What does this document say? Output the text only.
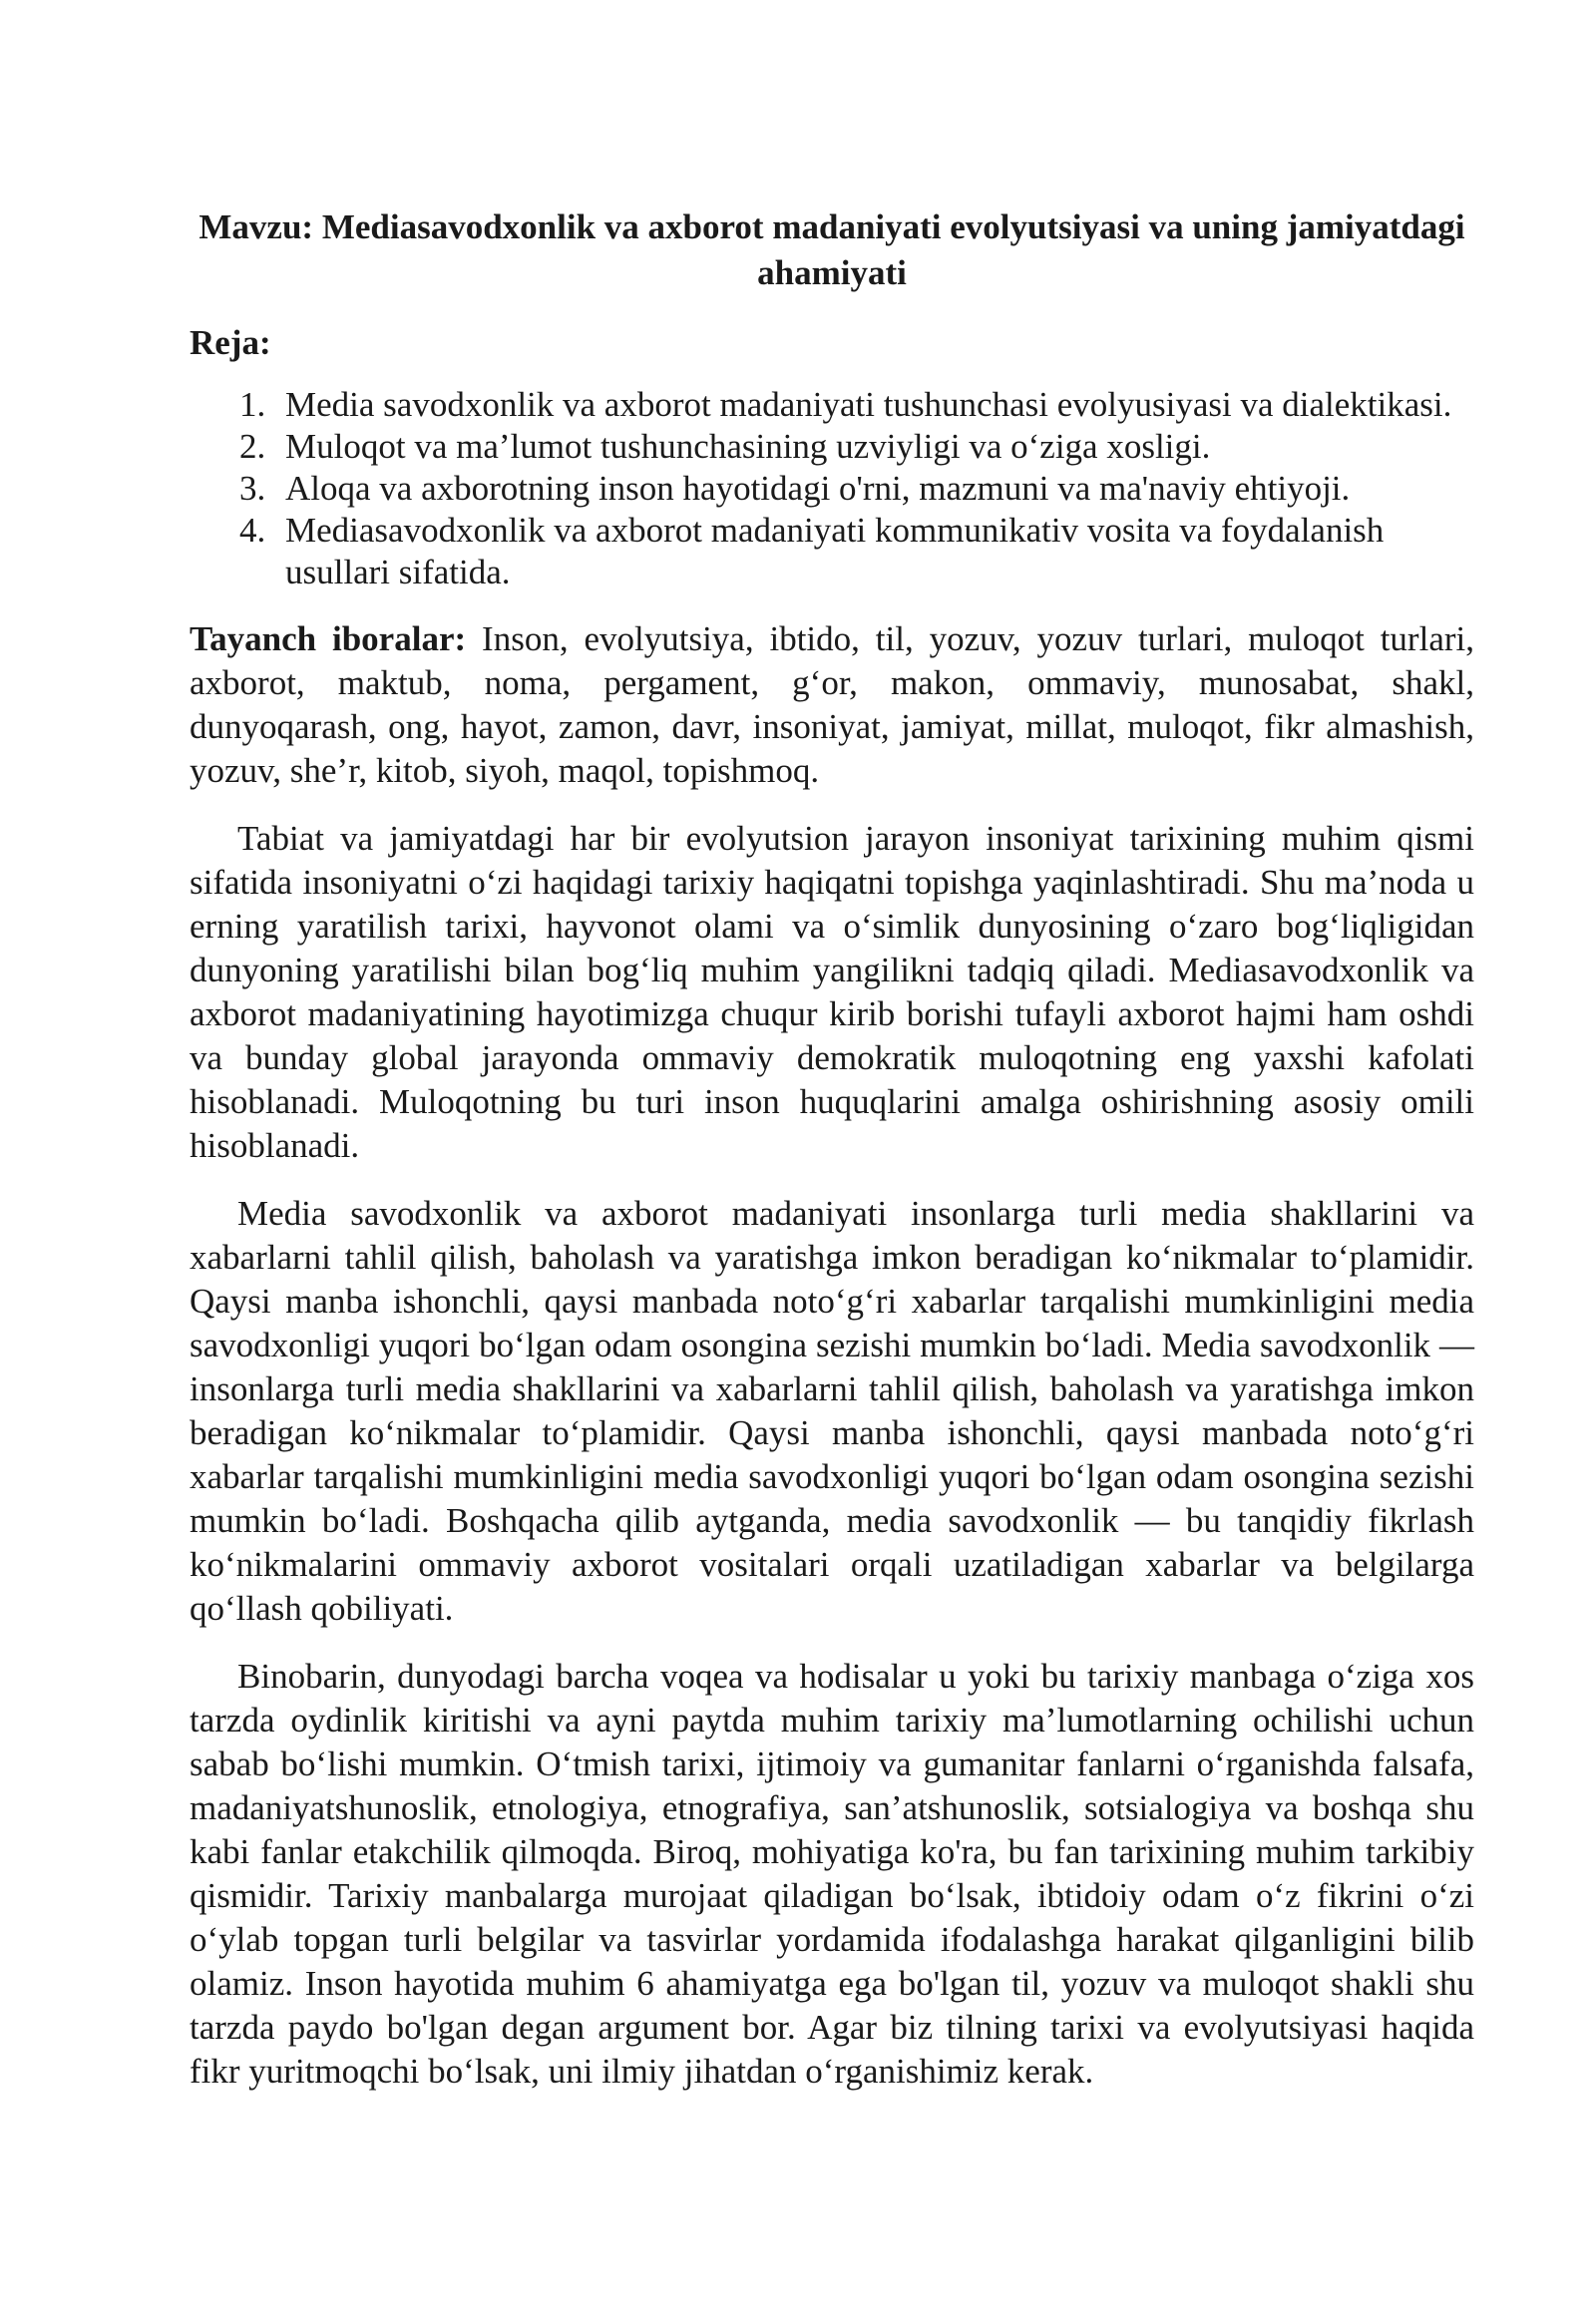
Mavzu: Mediasavodxonlik va axborot madaniyati evolyutsiyasi va uning jamiyatdagi ahamiyati
Reja:
1. Media savodxonlik va axborot madaniyati tushunchasi evolyusiyasi va dialektikasi.
2. Muloqot va ma’lumot tushunchasining uzviyligi va o‘ziga xosligi.
3. Aloqa va axborotning inson hayotidagi o'rni, mazmuni va ma'naviy ehtiyoji.
4. Mediasavodxonlik va axborot madaniyati kommunikativ vosita va foydalanish usullari sifatida.

Tayanch iboralar: Inson, evolyutsiya, ibtido, til, yozuv, yozuv turlari, muloqot turlari, axborot, maktub, noma, pergament, g‘or, makon, ommaviy, munosabat, shakl, dunyoqarash, ong, hayot, zamon, davr, insoniyat, jamiyat, millat, muloqot, fikr almashish, yozuv, she’r, kitob, siyoh, maqol, topishmoq.

Tabiat va jamiyatdagi har bir evolyutsion jarayon insoniyat tarixining muhim qismi sifatida insoniyatni o‘zi haqidagi tarixiy haqiqatni topishga yaqinlashtiradi. Shu ma’noda u erning yaratilish tarixi, hayvonot olami va o‘simlik dunyosining o‘zaro bog‘liqligidan dunyoning yaratilishi bilan bog‘liq muhim yangilikni tadqiq qiladi. Mediasavodxonlik va axborot madaniyatining hayotimizga chuqur kirib borishi tufayli axborot hajmi ham oshdi va bunday global jarayonda ommaviy demokratik muloqotning eng yaxshi kafolati hisoblanadi. Muloqotning bu turi inson huquqlarini amalga oshirishning asosiy omili hisoblanadi.

Media savodxonlik va axborot madaniyati insonlarga turli media shakllarini va xabarlarni tahlil qilish, baholash va yaratishga imkon beradigan ko‘nikmalar to‘plamidir. Qaysi manba ishonchli, qaysi manbada noto‘g‘ri xabarlar tarqalishi mumkinligini media savodxonligi yuqori bo‘lgan odam osongina sezishi mumkin bo‘ladi. Media savodxonlik — insonlarga turli media shakllarini va xabarlarni tahlil qilish, baholash va yaratishga imkon beradigan ko‘nikmalar to‘plamidir. Qaysi manba ishonchli, qaysi manbada noto‘g‘ri xabarlar tarqalishi mumkinligini media savodxonligi yuqori bo‘lgan odam osongina sezishi mumkin bo‘ladi. Boshqacha qilib aytganda, media savodxonlik — bu tanqidiy fikrlash ko‘nikmalarini ommaviy axborot vositalari orqali uzatiladigan xabarlar va belgilarga qo‘llash qobiliyati.

Binobarin, dunyodagi barcha voqea va hodisalar u yoki bu tarixiy manbaga o‘ziga xos tarzda oydinlik kiritishi va ayni paytda muhim tarixiy ma’lumotlarning ochilishi uchun sabab bo‘lishi mumkin. O‘tmish tarixi, ijtimoiy va gumanitar fanlarni o‘rganishda falsafa, madaniyatshunoslik, etnologiya, etnografiya, san’atshunoslik, sotsialogiya va boshqa shu kabi fanlar etakchilik qilmoqda. Biroq, mohiyatiga ko'ra, bu fan tarixining muhim tarkibiy qismidir. Tarixiy manbalarga murojaat qiladigan bo‘lsak, ibtidoiy odam o‘z fikrini o‘zi o‘ylab topgan turli belgilar va tasvirlar yordamida ifodalashga harakat qilganligini bilib olamiz. Inson hayotida muhim 6 ahamiyatga ega bo'lgan til, yozuv va muloqot shakli shu tarzda paydo bo'lgan degan argument bor. Agar biz tilning tarixi va evolyutsiyasi haqida fikr yuritmoqchi bo‘lsak, uni ilmiy jihatdan o‘rganishimiz kerak.
